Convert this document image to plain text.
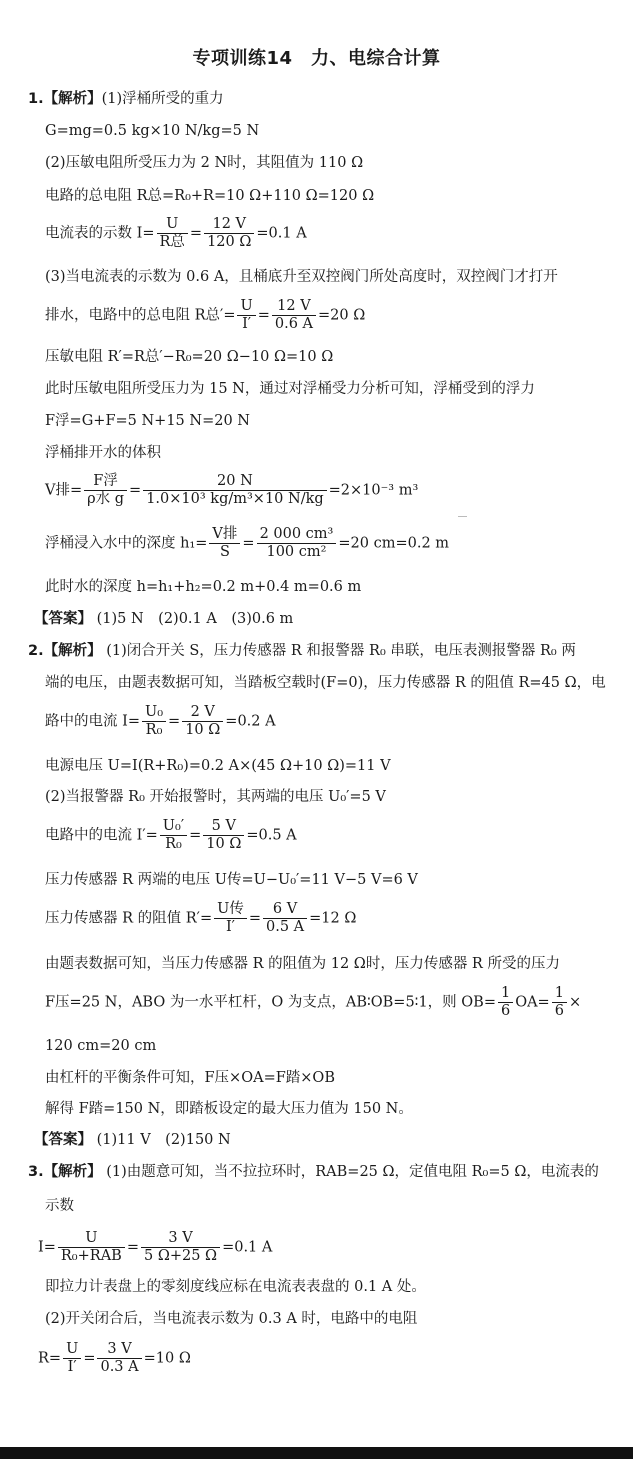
专项训练14　力、电综合计算
1.【解析】(1)浮桶所受的重力
G=mg=0.5 kg×10 N/kg=5 N
(2)压敏电阻所受压力为 2 N时，其阻值为 110 Ω
电路的总电阻 R总=R₀+R=10 Ω+110 Ω=120 Ω
电流表的示数 I=
U
R总
= $\frac{12 V}{120 \Omega} =0.1$ A
(3)当电流表的示数为 0.6 A，且桶底升至双控阀门所处高度时，双控阀门才打开
排水，电路中的总电阻 R总′= $\frac{U}{I'} = \frac{12 V}{0.6 A} =20$ Ω
压敏电阻 R′=R总′−R₀=20 Ω−10 Ω=10 Ω
此时压敏电阻所受压力为 15 N，通过对浮桶受力分析可知，浮桶受到的浮力
F浮=G+F=5 N+15 N=20 N
浮桶排开水的体积
V排=
F浮
ρ水 g
= $\frac{20 N}{\text{1.0×10³ kg/m³×10 N/kg}} =2\times 10^{-3}$ m³
浮桶浸入水中的深度 h₁=
V排
S
= $\frac{\text{2 000 cm³}}{\text{100 cm²}} =20$ cm=0.2 m
此时水的深度 h=h₁+h₂=0.2 m+0.4 m=0.6 m
【答案】 (1)5 N　(2)0.1 A　(3)0.6 m
2.【解析】 (1)闭合开关 S，压力传感器 R 和报警器 R₀ 串联，电压表测报警器 R₀ 两
端的电压，由题表数据可知，当踏板空载时(F=0)，压力传感器 R 的阻值 R=45 Ω，电
路中的电流 $I= \frac{\text{U₀}}{\text{R₀}} = \frac{2 V}{10 \Omega} =0.2$ A
电源电压 U=I(R+R₀)=0.2 A×(45 Ω+10 Ω)=11 V
(2)当报警器 R₀ 开始报警时，其两端的电压 U₀′=5 V
电路中的电流 $I'= \frac{\text{U₀′}}{\text{R₀}} = \frac{5 V}{10 \Omega} =0.5$ A
压力传感器 R 两端的电压 U传=U−U₀′=11 V−5 V=6 V
压力传感器 R 的阻值 R′=
U传
I′
= $\frac{6 V}{0.5 A} =12$ Ω
由题表数据可知，当压力传感器 R 的阻值为 12 Ω时，压力传感器 R 所受的压力
F压=25 N，ABO 为一水平杠杆，O 为支点，AB∶OB=5∶1，则 $OB= \frac{1}{6} OA= \frac{1}{6}$ ×
120 cm=20 cm
由杠杆的平衡条件可知，F压×OA=F踏×OB
解得 F踏=150 N，即踏板设定的最大压力值为 150 N。
【答案】 (1)11 V　(2)150 N
3.【解析】 (1)由题意可知，当不拉拉环时，RAB=25 Ω，定值电阻 R₀=5 Ω，电流表的
示数
I=
U
R₀+RAB
= $\frac{3 V}{5 \Omega+25 \Omega} =0.1$ A
即拉力计表盘上的零刻度线应标在电流表表盘的 0.1 A 处。
(2)开关闭合后，当电流表示数为 0.3 A 时，电路中的电阻
$R= \frac{U}{I'} = \frac{3 V}{0.3 A} =10$ Ω
